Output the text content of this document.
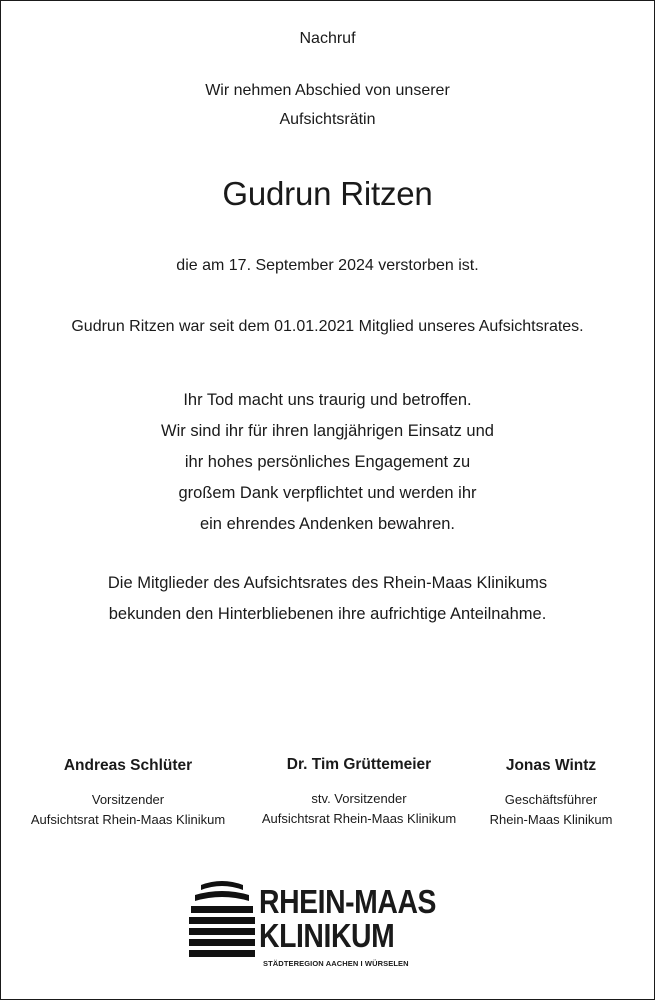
Nachruf
Wir nehmen Abschied von unserer
Aufsichtsrätin
Gudrun Ritzen
die am 17. September 2024 verstorben ist.
Gudrun Ritzen war seit dem 01.01.2021 Mitglied unseres Aufsichtsrates.
Ihr Tod macht uns traurig und betroffen.
Wir sind ihr für ihren langjährigen Einsatz und
ihr hohes persönliches Engagement zu
großem Dank verpflichtet und werden ihr
ein ehrendes Andenken bewahren.
Die Mitglieder des Aufsichtsrates des Rhein-Maas Klinikums
bekunden den Hinterbliebenen ihre aufrichtige Anteilnahme.
Andreas Schlüter
Vorsitzender
Aufsichtsrat Rhein-Maas Klinikum
Dr. Tim Grüttemeier
stv. Vorsitzender
Aufsichtsrat Rhein-Maas Klinikum
Jonas Wintz
Geschäftsführer
Rhein-Maas Klinikum
RHEIN-MAAS
KLINIKUM
STÄDTEREGION AACHEN I WÜRSELEN
